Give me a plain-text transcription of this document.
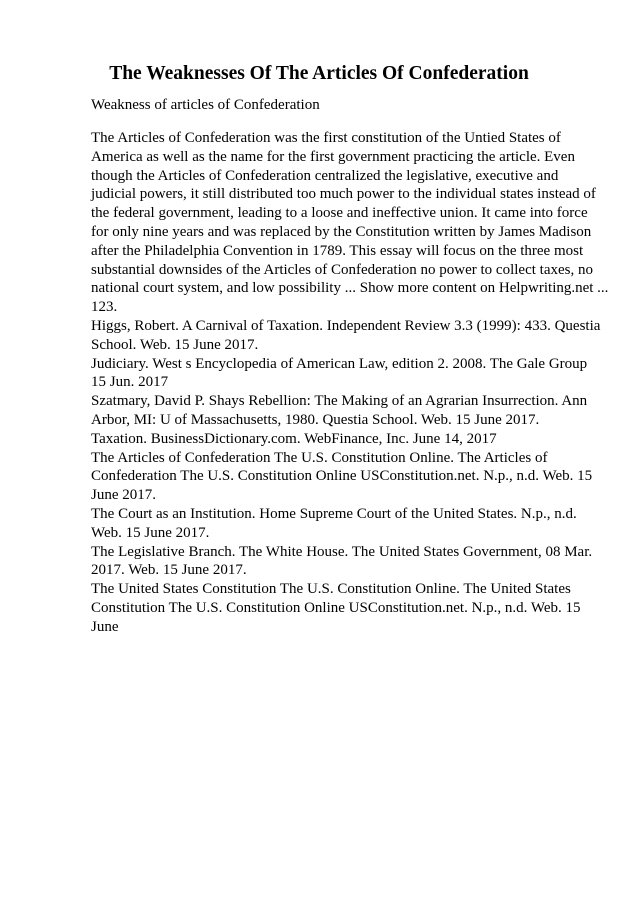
The Weaknesses Of The Articles Of Confederation
Weakness of articles of Confederation
The Articles of Confederation was the first constitution of the Untied States of
America as well as the name for the first government practicing the article. Even
though the Articles of Confederation centralized the legislative, executive and
judicial powers, it still distributed too much power to the individual states instead of
the federal government, leading to a loose and ineffective union. It came into force
for only nine years and was replaced by the Constitution written by James Madison
after the Philadelphia Convention in 1789. This essay will focus on the three most
substantial downsides of the Articles of Confederation no power to collect taxes, no
national court system, and low possibility ... Show more content on Helpwriting.net ...
123.
Higgs, Robert. A Carnival of Taxation. Independent Review 3.3 (1999): 433. Questia
School. Web. 15 June 2017.
Judiciary. West s Encyclopedia of American Law, edition 2. 2008. The Gale Group
15 Jun. 2017
Szatmary, David P. Shays Rebellion: The Making of an Agrarian Insurrection. Ann
Arbor, MI: U of Massachusetts, 1980. Questia School. Web. 15 June 2017.
Taxation. BusinessDictionary.com. WebFinance, Inc. June 14, 2017
The Articles of Confederation The U.S. Constitution Online. The Articles of
Confederation The U.S. Constitution Online USConstitution.net. N.p., n.d. Web. 15
June 2017.
The Court as an Institution. Home Supreme Court of the United States. N.p., n.d.
Web. 15 June 2017.
The Legislative Branch. The White House. The United States Government, 08 Mar.
2017. Web. 15 June 2017.
The United States Constitution The U.S. Constitution Online. The United States
Constitution The U.S. Constitution Online USConstitution.net. N.p., n.d. Web. 15
June
